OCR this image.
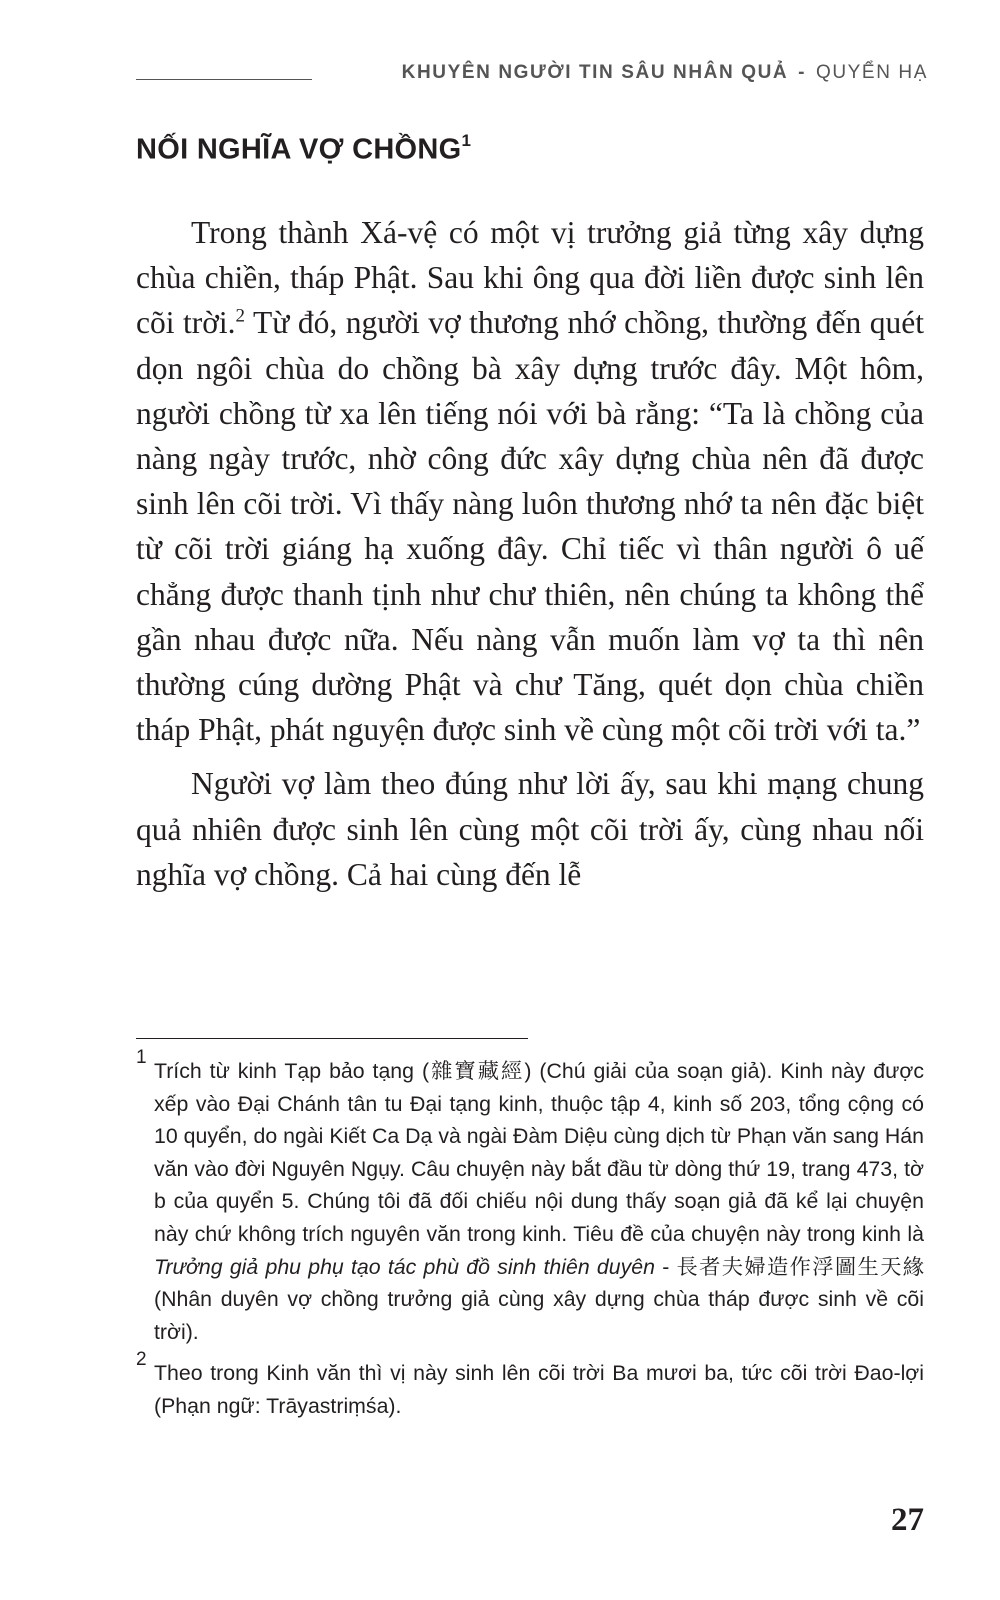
KHUYÊN NGƯỜI TIN SÂU NHÂN QUẢ - QUYỂN HẠ
NỐI NGHĨA VỢ CHỒNG$^1$

Trong thành Xá-vệ có một vị trưởng giả từng xây dựng chùa chiền, tháp Phật. Sau khi ông qua đời liền được sinh lên cõi trời.$^2$ Từ đó, người vợ thương nhớ chồng, thường đến quét dọn ngôi chùa do chồng bà xây dựng trước đây. Một hôm, người chồng từ xa lên tiếng nói với bà rằng: “Ta là chồng của nàng ngày trước, nhờ công đức xây dựng chùa nên đã được sinh lên cõi trời. Vì thấy nàng luôn thương nhớ ta nên đặc biệt từ cõi trời giáng hạ xuống đây. Chỉ tiếc vì thân người ô uế chẳng được thanh tịnh như chư thiên, nên chúng ta không thể gần nhau được nữa. Nếu nàng vẫn muốn làm vợ ta thì nên thường cúng dường Phật và chư Tăng, quét dọn chùa chiền tháp Phật, phát nguyện được sinh về cùng một cõi trời với ta.”

Người vợ làm theo đúng như lời ấy, sau khi mạng chung quả nhiên được sinh lên cùng một cõi trời ấy, cùng nhau nối nghĩa vợ chồng. Cả hai cùng đến lễ

1
Trích từ kinh Tạp bảo tạng (雜寶藏經) (Chú giải của soạn giả). Kinh này được xếp vào Đại Chánh tân tu Đại tạng kinh, thuộc tập 4, kinh số 203, tổng cộng có 10 quyển, do ngài Kiết Ca Dạ và ngài Đàm Diệu cùng dịch từ Phạn văn sang Hán văn vào đời Nguyên Ngụy. Câu chuyện này bắt đầu từ dòng thứ 19, trang 473, tờ b của quyển 5. Chúng tôi đã đối chiếu nội dung thấy soạn giả đã kể lại chuyện này chứ không trích nguyên văn trong kinh. Tiêu đề của chuyện này trong kinh là Trưởng giả phu phụ tạo tác phù đồ sinh thiên duyên - 長者夫婦造作浮圖生天緣 (Nhân duyên vợ chồng trưởng giả cùng xây dựng chùa tháp được sinh về cõi trời).
2
Theo trong Kinh văn thì vị này sinh lên cõi trời Ba mươi ba, tức cõi trời Đao-lợi (Phạn ngữ: Trāyastriṃśa).
27
